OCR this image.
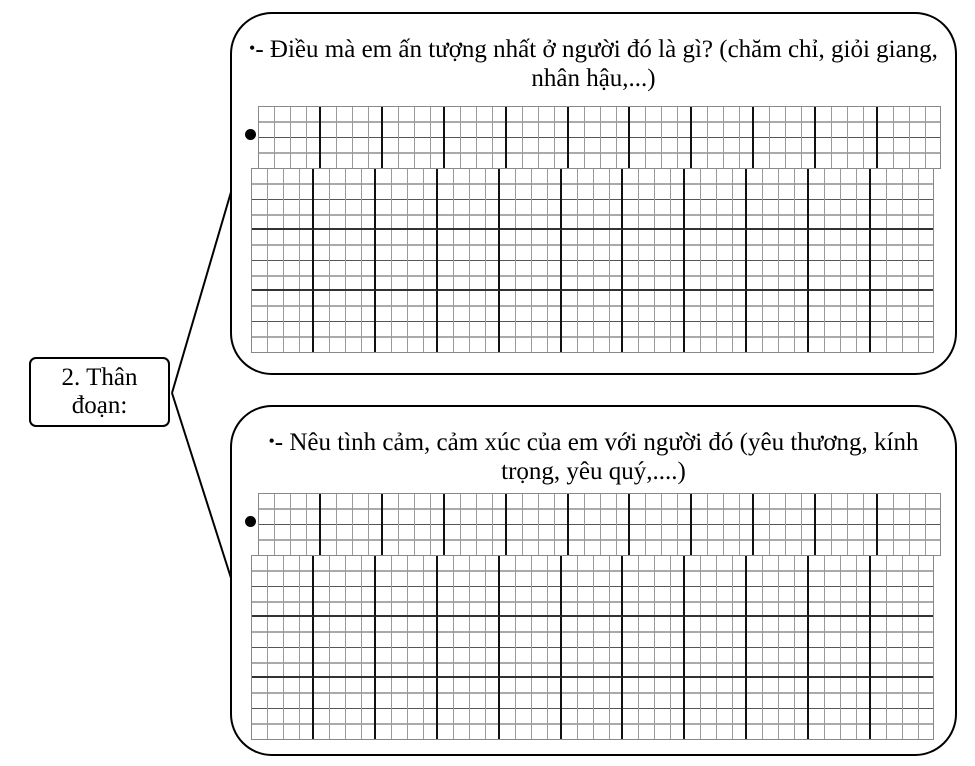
2. Thân đoạn:
•- Điều mà em ấn tượng nhất ở người đó là gì? (chăm chỉ, giỏi giang, nhân hậu,...)
•- Nêu tình cảm, cảm xúc của em với người đó (yêu thương, kính trọng, yêu quý,....)
